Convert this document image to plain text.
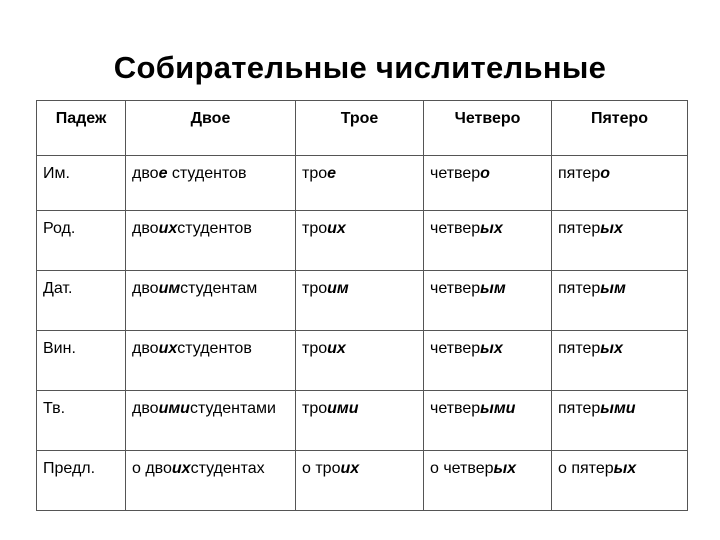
Собирательные числительные
Падеж	Двое	Трое	Четверо	Пятеро
Им.	двое студентов	трое	четверо	пятеро
Род.	двоихстудентов	троих	четверых	пятерых
Дат.	двоимстудентам	троим	четверым	пятерым
Вин.	двоихстудентов	троих	четверых	пятерых
Тв.	двоимистудентами	троими	четверыми	пятерыми
Предл.	о двоихстудентах	о троих	о четверых	о пятерых
